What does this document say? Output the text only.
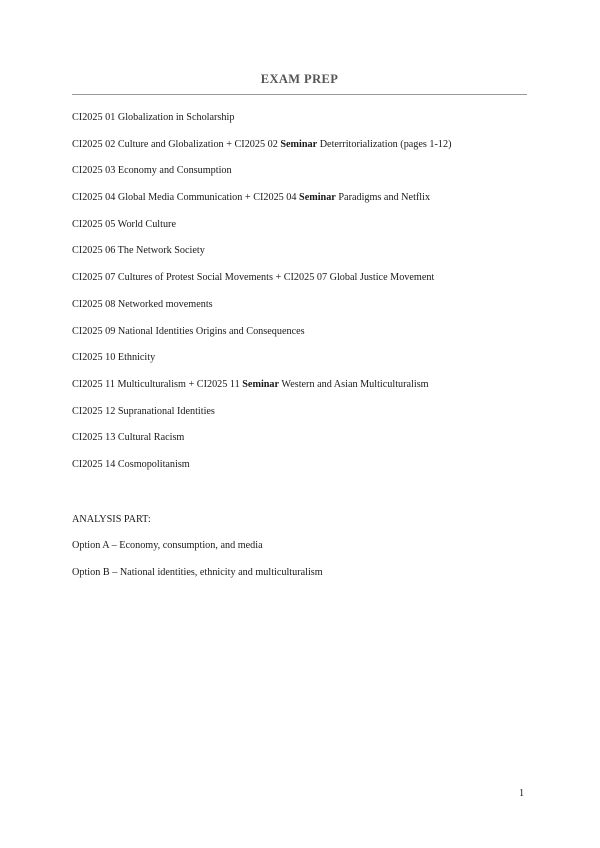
EXAM PREP
CI2025 01 Globalization in Scholarship
CI2025 02 Culture and Globalization + CI2025 02 Seminar Deterritorialization (pages 1-12)
CI2025 03 Economy and Consumption
CI2025 04 Global Media Communication + CI2025 04 Seminar Paradigms and Netflix
CI2025 05 World Culture
CI2025 06 The Network Society
CI2025 07 Cultures of Protest Social Movements + CI2025 07 Global Justice Movement
CI2025 08 Networked movements
CI2025 09 National Identities Origins and Consequences
CI2025 10 Ethnicity
CI2025 11 Multiculturalism + CI2025 11 Seminar Western and Asian Multiculturalism
CI2025 12 Supranational Identities
CI2025 13 Cultural Racism
CI2025 14 Cosmopolitanism
ANALYSIS PART:
Option A – Economy, consumption, and media
Option B – National identities, ethnicity and multiculturalism
1
